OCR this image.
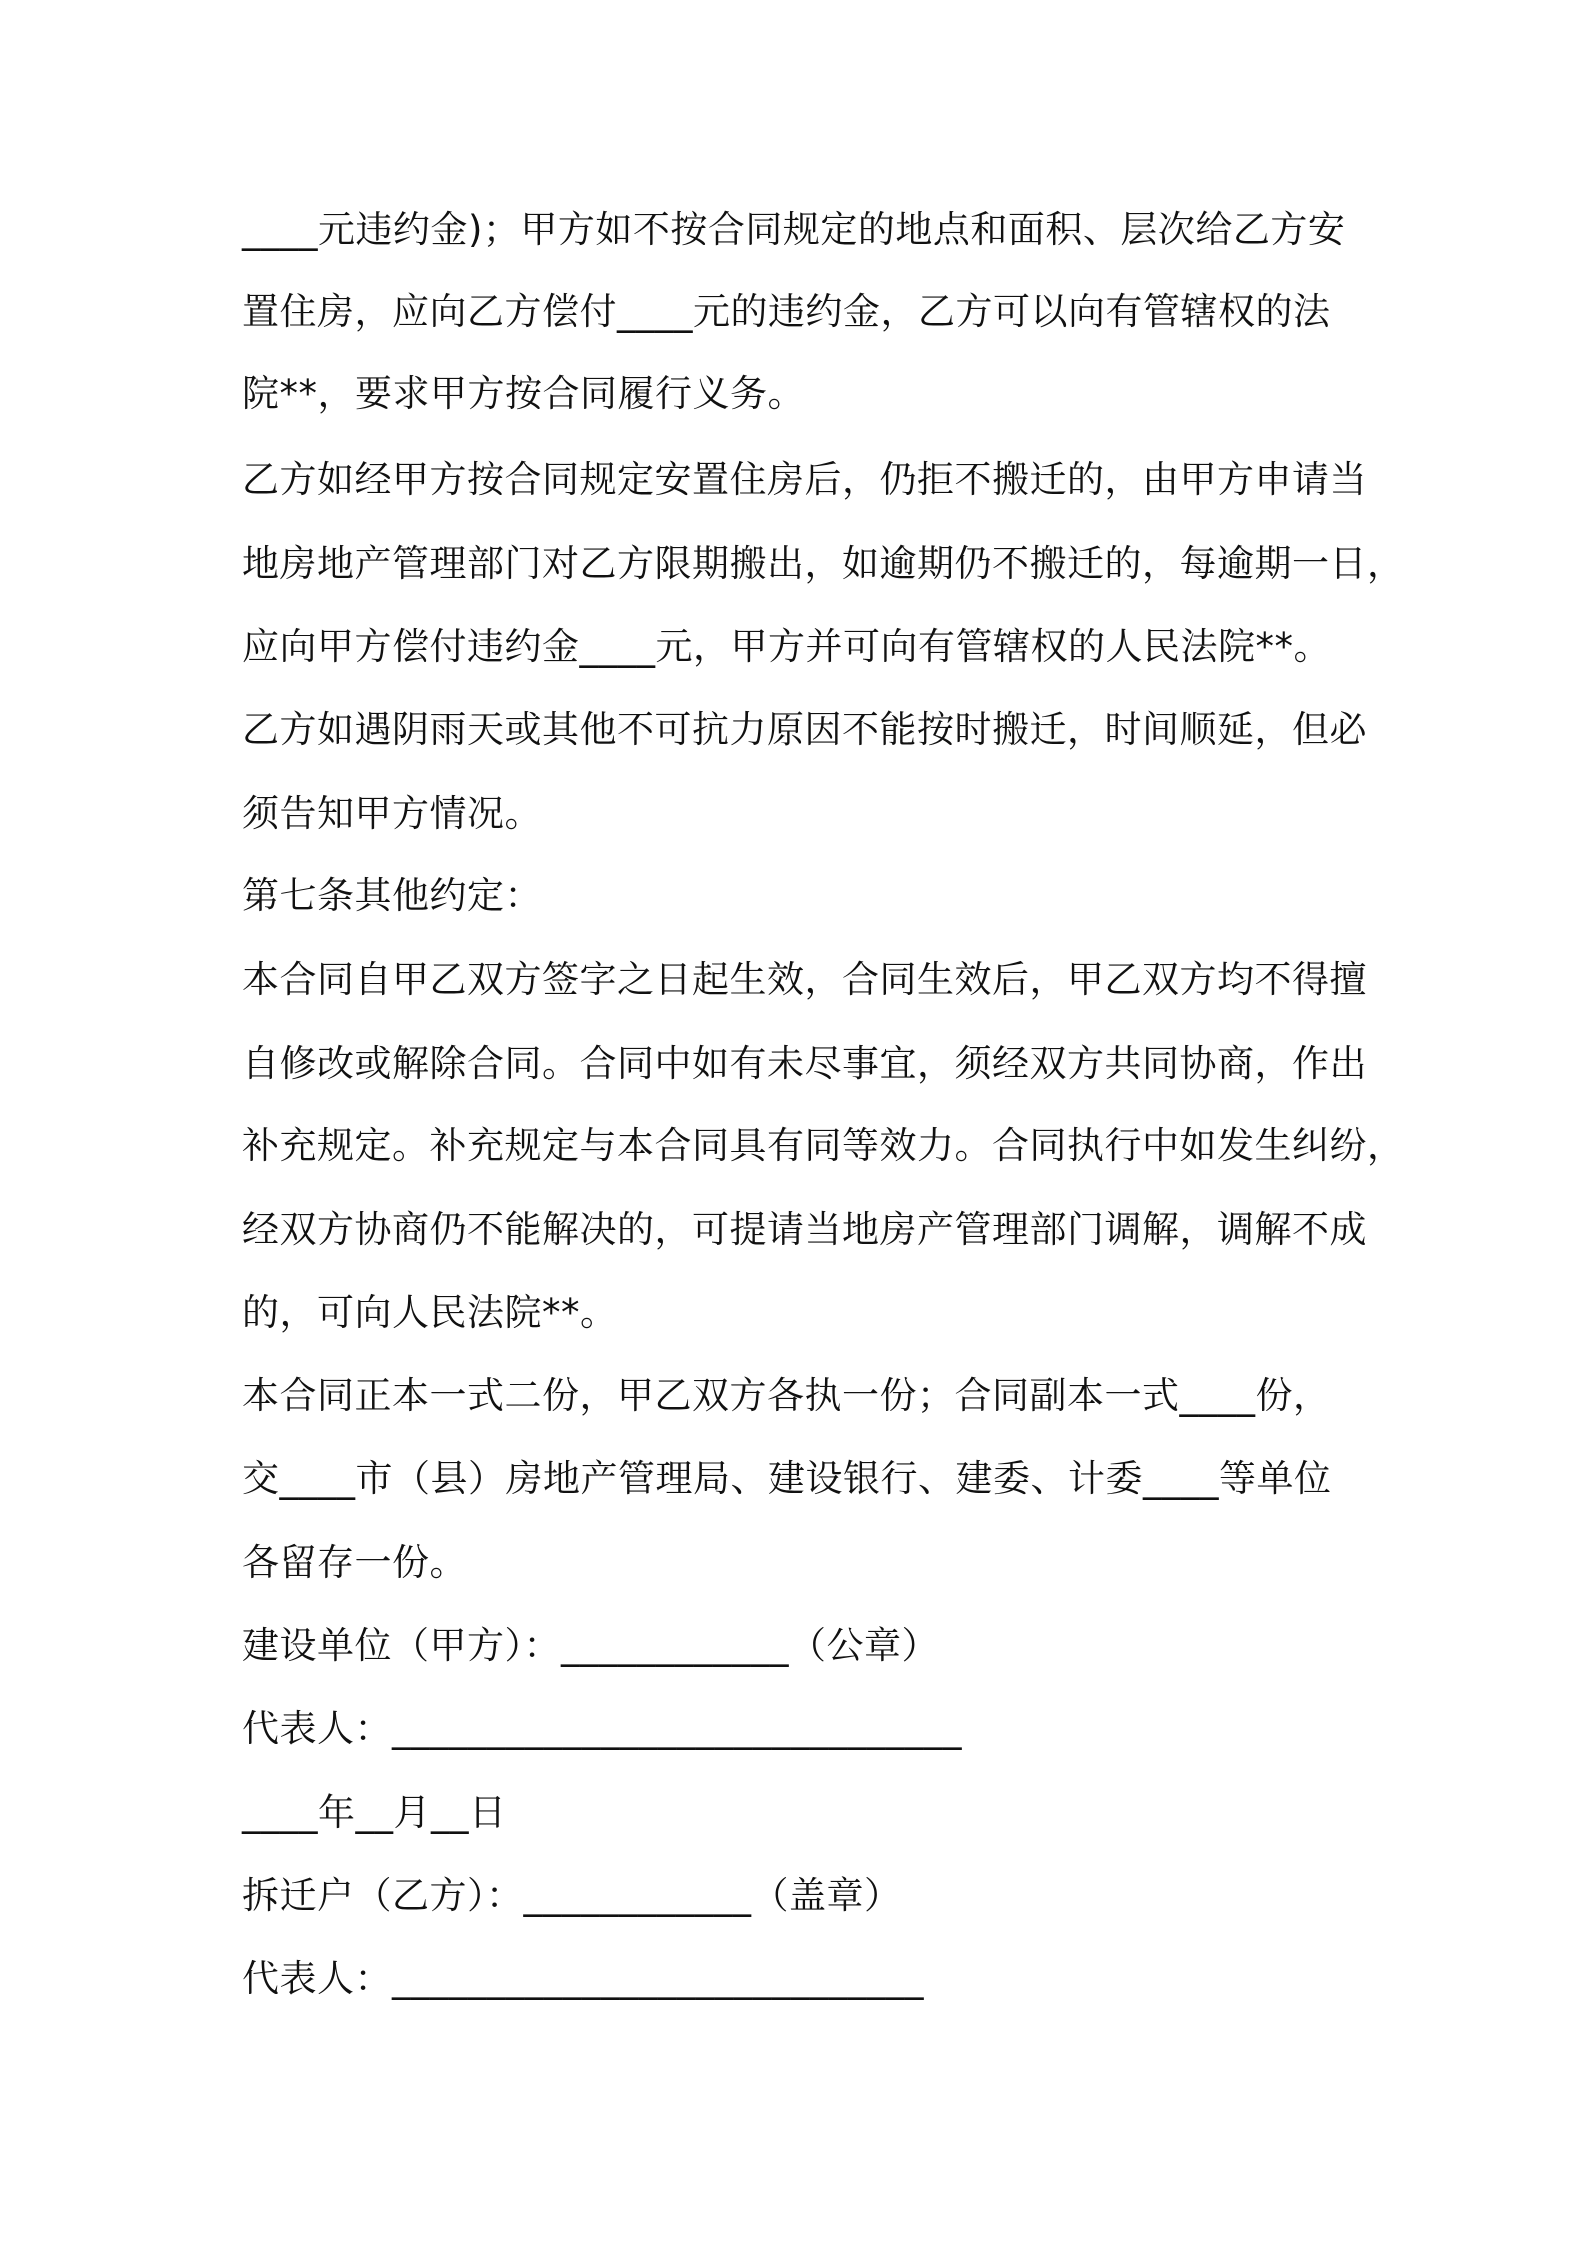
____元违约金)；甲方如不按合同规定的地点和面积、层次给乙方安
置住房，应向乙方偿付____元的违约金，乙方可以向有管辖权的法
院**，要求甲方按合同履行义务。
乙方如经甲方按合同规定安置住房后，仍拒不搬迁的，由甲方申请当
地房地产管理部门对乙方限期搬出，如逾期仍不搬迁的，每逾期一日，
应向甲方偿付违约金____元，甲方并可向有管辖权的人民法院**。
乙方如遇阴雨天或其他不可抗力原因不能按时搬迁，时间顺延，但必
须告知甲方情况。
第七条其他约定：
本合同自甲乙双方签字之日起生效，合同生效后，甲乙双方均不得擅
自修改或解除合同。合同中如有未尽事宜，须经双方共同协商，作出
补充规定。补充规定与本合同具有同等效力。合同执行中如发生纠纷，
经双方协商仍不能解决的，可提请当地房产管理部门调解，调解不成
的，可向人民法院**。
本合同正本一式二份，甲乙双方各执一份；合同副本一式____份，
交____市（县）房地产管理局、建设银行、建委、计委____等单位
各留存一份。
建设单位（甲方）：____________（公章）
代表人：______________________________
____年__月__日
拆迁户（乙方）：____________（盖章）
代表人：____________________________
